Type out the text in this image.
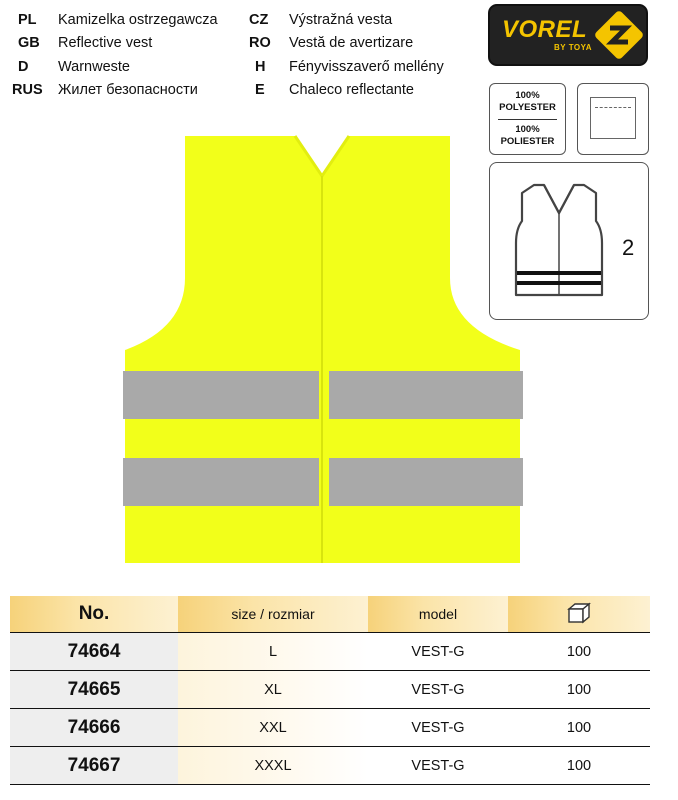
PL Kamizelka ostrzegawcza
GB Reflective vest
D Warnweste
RUS Жилет безопасности
CZ Výstražná vesta
RO Vestă de avertizare
H Fényvisszaverő mellény
E Chaleco reflectante
VOREL
BY TOYA
100%
POLYESTER
100%
POLIESTER
2
No.	size / rozmiar	model	
74664	L	VEST-G	100
74665	XL	VEST-G	100
74666	XXL	VEST-G	100
74667	XXXL	VEST-G	100
